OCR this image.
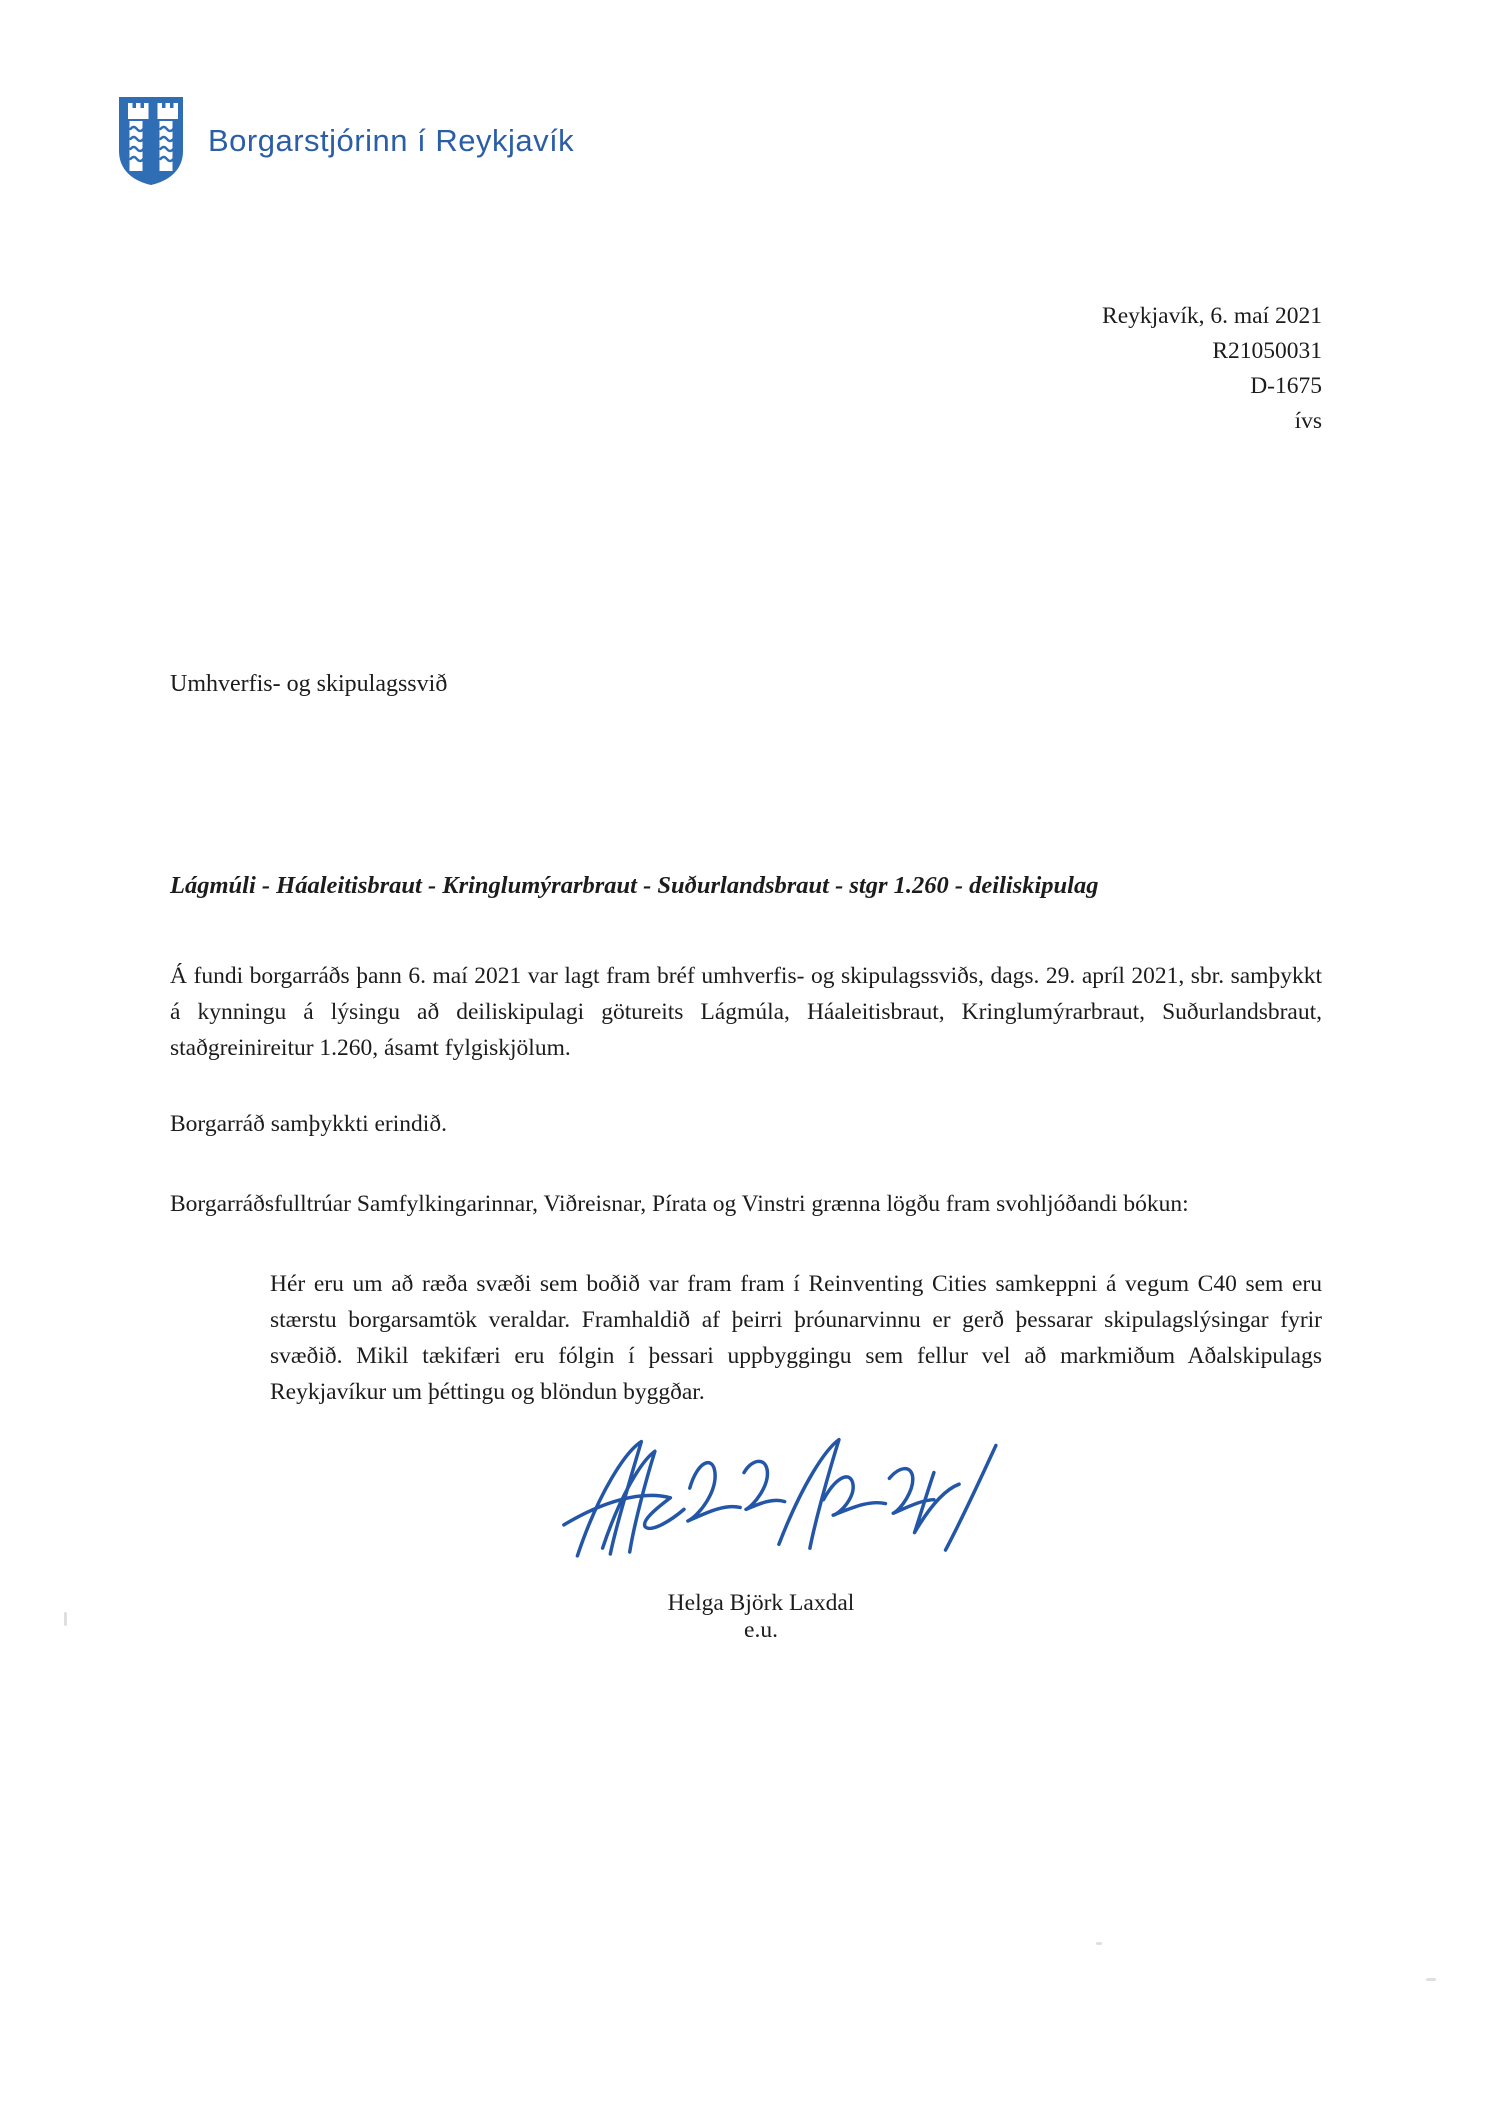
Borgarstjórinn í Reykjavík
Reykjavík, 6. maí 2021
R21050031
D-1675
ívs
Umhverfis- og skipulagssvið
Lágmúli - Háaleitisbraut - Kringlumýrarbraut - Suðurlandsbraut - stgr 1.260 - deiliskipulag

Á fundi borgarráðs þann 6. maí 2021 var lagt fram bréf umhverfis- og skipulagssviðs, dags. 29. apríl 2021, sbr. samþykkt á kynningu á lýsingu að deiliskipulagi götureits Lágmúla, Háaleitisbraut, Kringlumýrarbraut, Suðurlandsbraut, staðgreinireitur 1.260, ásamt fylgiskjölum.

Borgarráð samþykkti erindið.

Borgarráðsfulltrúar Samfylkingarinnar, Viðreisnar, Pírata og Vinstri grænna lögðu fram svohljóðandi bókun:

Hér eru um að ræða svæði sem boðið var fram fram í Reinventing Cities samkeppni á vegum C40 sem eru stærstu borgarsamtök veraldar. Framhaldið af þeirri þróunarvinnu er gerð þessarar skipulagslýsingar fyrir svæðið. Mikil tækifæri eru fólgin í þessari uppbyggingu sem fellur vel að markmiðum Aðalskipulags Reykjavíkur um þéttingu og blöndun byggðar.

Helga Björk Laxdal
e.u.
